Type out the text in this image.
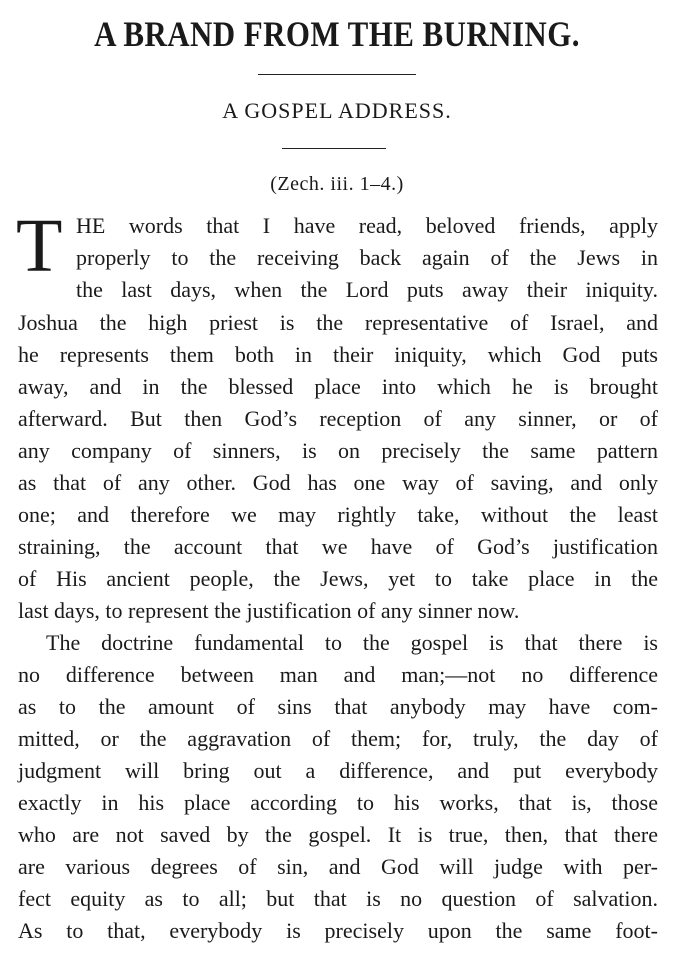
A BRAND FROM THE BURNING.
A GOSPEL ADDRESS.
(Zech. iii. 1–4.)
T HE words that I have read, beloved friends, apply
properly to the receiving back again of the Jews in
the last days, when the Lord puts away their iniquity.
Joshua the high priest is the representative of Israel, and
he represents them both in their iniquity, which God puts
away, and in the blessed place into which he is brought
afterward. But then God’s reception of any sinner, or of
any company of sinners, is on precisely the same pattern
as that of any other. God has one way of saving, and only
one; and therefore we may rightly take, without the least
straining, the account that we have of God’s justification
of His ancient people, the Jews, yet to take place in the
last days, to represent the justification of any sinner now.
The doctrine fundamental to the gospel is that there is
no difference between man and man;—not no difference
as to the amount of sins that anybody may have com-
mitted, or the aggravation of them; for, truly, the day of
judgment will bring out a difference, and put everybody
exactly in his place according to his works, that is, those
who are not saved by the gospel. It is true, then, that there
are various degrees of sin, and God will judge with per-
fect equity as to all; but that is no question of salvation.
As to that, everybody is precisely upon the same foot-
